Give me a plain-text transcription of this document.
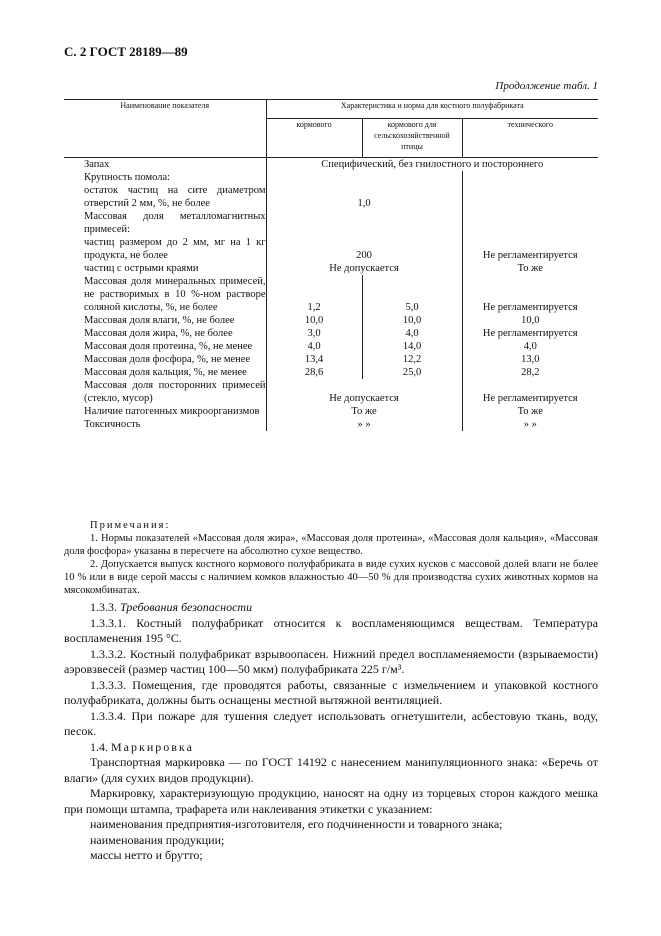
С. 2 ГОСТ 28189—89
Продолжение табл. 1
Наименование показателя	Характеристика и норма для костного полуфабриката		
	кормового	кормового для сельскохозяйственной птицы	технического
Запах	Специфический, без гнилостного и постороннего		

Крупность помола:
остаток частиц на сите диаметром отверстий 2 мм, %, не более	1,0		

Массовая доля металломагнитных примесей:
частиц размером до 2 мм, мг на 1 кг продукта, не более	200		Не регламентируется
частиц с острыми краями	Не допускается		То же
Массовая доля минеральных примесей, не растворимых в 10 %-ном растворе соляной кислоты, %, не более	1,2	5,0	Не регламентируется
Массовая доля влаги, %, не более	10,0	10,0	10,0
Массовая доля жира, %, не более	3,0	4,0	Не регламентируется
Массовая доля протеина, %, не менее	4,0	14,0	4,0
Массовая доля фосфора, %, не менее	13,4	12,2	13,0
Массовая доля кальция, %, не менее	28,6	25,0	28,2
Массовая доля посторонних примесей (стекло, мусор)	Не допускается		Не регламентируется
Наличие патогенных микроорганизмов	То же		То же
Токсичность	» »		» »

Примечания:

1. Нормы показателей «Массовая доля жира», «Массовая доля протеина», «Массовая доля кальция», «Массовая доля фосфора» указаны в пересчете на абсолютно сухое вещество.

2. Допускается выпуск костного кормового полуфабриката в виде сухих кусков с массовой долей влаги не более 10 % или в виде серой массы с наличием комков влажностью 40—50 % для производства сухих животных кормов на мясокомбинатах.

1.3.3. Требования безопасности

1.3.3.1. Костный полуфабрикат относится к воспламеняющимся веществам. Температура воспламенения 195 °С.

1.3.3.2. Костный полуфабрикат взрывоопасен. Нижний предел воспламеняемости (взрываемости) аэровзвесей (размер частиц 100—50 мкм) полуфабриката 225 г/м³.

1.3.3.3. Помещения, где проводятся работы, связанные с измельчением и упаковкой костного полуфабриката, должны быть оснащены местной вытяжной вентиляцией.

1.3.3.4. При пожаре для тушения следует использовать огнетушители, асбестовую ткань, воду, песок.

1.4. Маркировка

Транспортная маркировка — по ГОСТ 14192 с нанесением манипуляционного знака: «Беречь от влаги» (для сухих видов продукции).

Маркировку, характеризующую продукцию, наносят на одну из торцевых сторон каждого мешка при помощи штампа, трафарета или наклеивания этикетки с указанием:

наименования предприятия-изготовителя, его подчиненности и товарного знака;

наименования продукции;

массы нетто и брутто;
